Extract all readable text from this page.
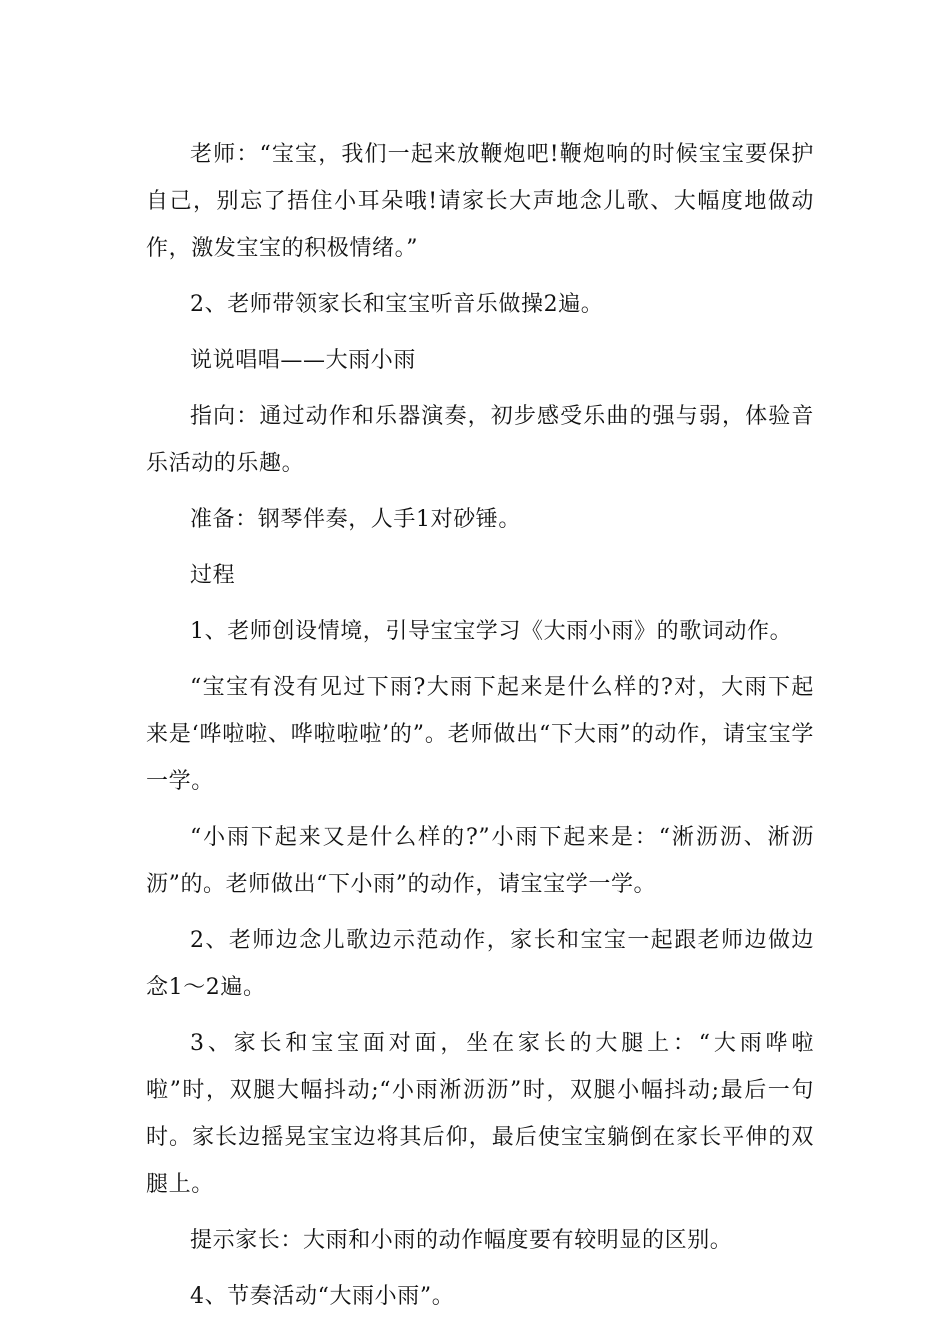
老师：“宝宝，我们一起来放鞭炮吧!鞭炮响的时候宝宝要保护自己，别忘了捂住小耳朵哦!请家长大声地念儿歌、大幅度地做动作，激发宝宝的积极情绪。”

2、老师带领家长和宝宝听音乐做操2遍。

说说唱唱——大雨小雨

指向：通过动作和乐器演奏，初步感受乐曲的强与弱，体验音乐活动的乐趣。

准备：钢琴伴奏，人手1对砂锤。

过程

1、老师创设情境，引导宝宝学习《大雨小雨》的歌词动作。

“宝宝有没有见过下雨?大雨下起来是什么样的?对，大雨下起来是‘哗啦啦、哗啦啦啦’的”。老师做出“下大雨”的动作，请宝宝学一学。

“小雨下起来又是什么样的?”小雨下起来是：“淅沥沥、淅沥沥”的。老师做出“下小雨”的动作，请宝宝学一学。

2、老师边念儿歌边示范动作，家长和宝宝一起跟老师边做边念1～2遍。

3、家长和宝宝面对面，坐在家长的大腿上：“大雨哗啦啦”时，双腿大幅抖动;“小雨淅沥沥”时，双腿小幅抖动;最后一句时。家长边摇晃宝宝边将其后仰，最后使宝宝躺倒在家长平伸的双腿上。

提示家长：大雨和小雨的动作幅度要有较明显的区别。

4、节奏活动“大雨小雨”。
